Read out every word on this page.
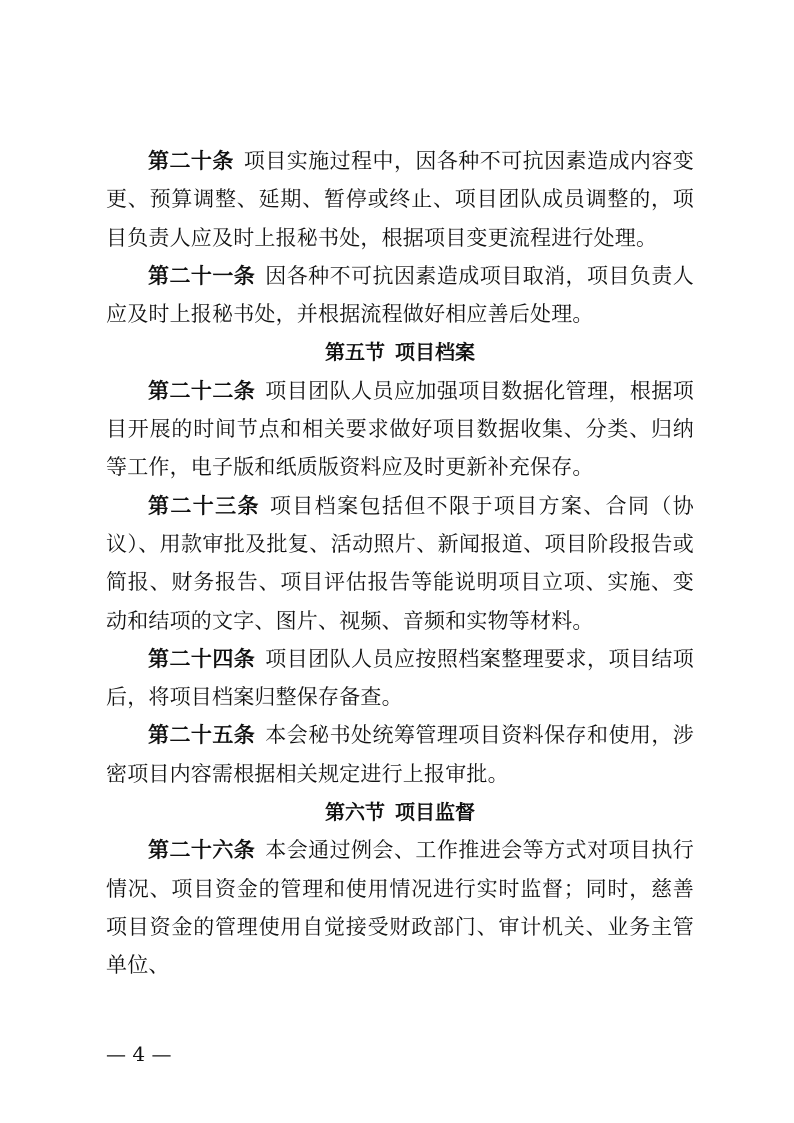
第二十条 项目实施过程中，因各种不可抗因素造成内容变更、预算调整、延期、暂停或终止、项目团队成员调整的，项目负责人应及时上报秘书处，根据项目变更流程进行处理。

第二十一条 因各种不可抗因素造成项目取消，项目负责人应及时上报秘书处，并根据流程做好相应善后处理。

第五节 项目档案

第二十二条 项目团队人员应加强项目数据化管理，根据项目开展的时间节点和相关要求做好项目数据收集、分类、归纳等工作，电子版和纸质版资料应及时更新补充保存。

第二十三条 项目档案包括但不限于项目方案、合同（协议）、用款审批及批复、活动照片、新闻报道、项目阶段报告或简报、财务报告、项目评估报告等能说明项目立项、实施、变动和结项的文字、图片、视频、音频和实物等材料。

第二十四条 项目团队人员应按照档案整理要求，项目结项后，将项目档案归整保存备查。

第二十五条 本会秘书处统筹管理项目资料保存和使用，涉密项目内容需根据相关规定进行上报审批。

第六节 项目监督

第二十六条 本会通过例会、工作推进会等方式对项目执行情况、项目资金的管理和使用情况进行实时监督；同时，慈善项目资金的管理使用自觉接受财政部门、审计机关、业务主管单位、

— 4 —
